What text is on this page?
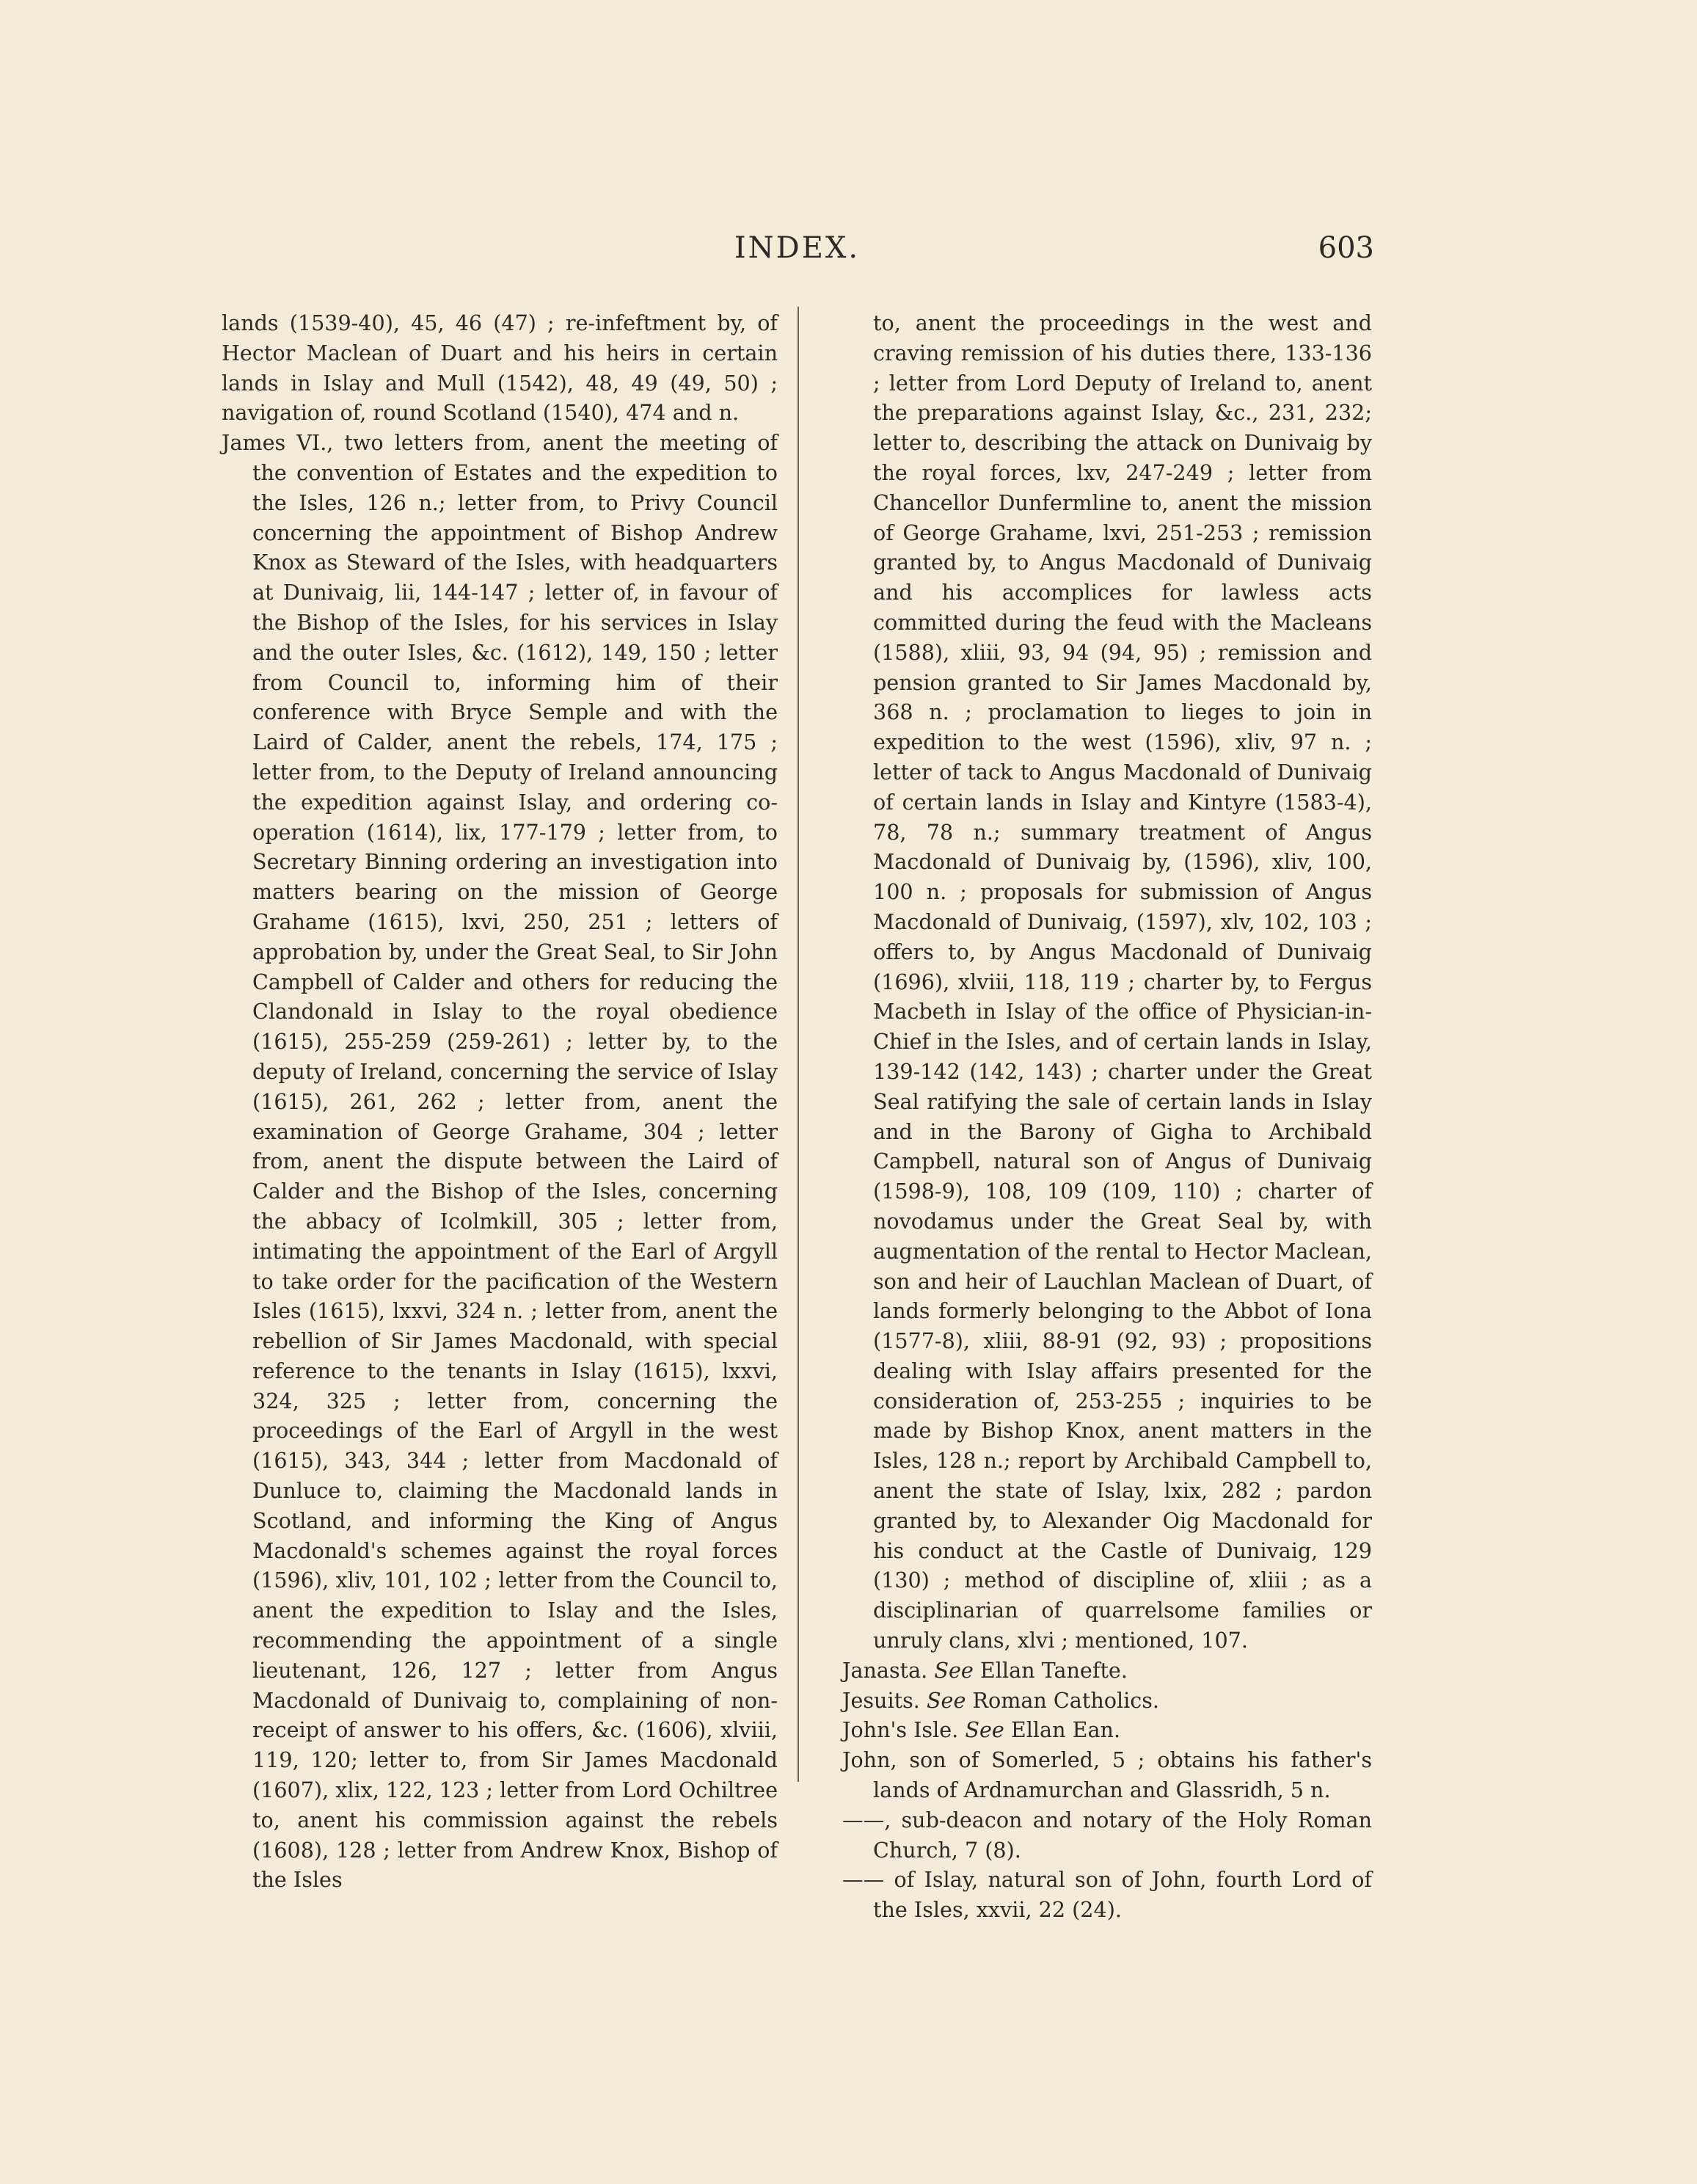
INDEX.	603

lands (1539-40), 45, 46 (47) ; re-infeftment by, of Hector Maclean of Duart and his heirs in certain lands in Islay and Mull (1542), 48, 49 (49, 50) ; navigation of, round Scotland (1540), 474 and n.

James VI., two letters from, anent the meeting of the convention of Estates and the expedition to the Isles, 126 n.; letter from, to Privy Council concerning the appointment of Bishop Andrew Knox as Steward of the Isles, with headquarters at Dunivaig, lii, 144-147 ; letter of, in favour of the Bishop of the Isles, for his services in Islay and the outer Isles, &c. (1612), 149, 150 ; letter from Council to, informing him of their conference with Bryce Semple and with the Laird of Calder, anent the rebels, 174, 175 ; letter from, to the Deputy of Ireland announcing the expedition against Islay, and ordering co-operation (1614), lix, 177-179 ; letter from, to Secretary Binning ordering an investigation into matters bearing on the mission of George Grahame (1615), lxvi, 250, 251 ; letters of approbation by, under the Great Seal, to Sir John Campbell of Calder and others for reducing the Clandonald in Islay to the royal obedience (1615), 255-259 (259-261) ; letter by, to the deputy of Ireland, concerning the service of Islay (1615), 261, 262 ; letter from, anent the examination of George Grahame, 304 ; letter from, anent the dispute between the Laird of Calder and the Bishop of the Isles, concerning the abbacy of Icolmkill, 305 ; letter from, intimating the appointment of the Earl of Argyll to take order for the pacification of the Western Isles (1615), lxxvi, 324 n. ; letter from, anent the rebellion of Sir James Macdonald, with special reference to the tenants in Islay (1615), lxxvi, 324, 325 ; letter from, concerning the proceedings of the Earl of Argyll in the west (1615), 343, 344 ; letter from Macdonald of Dunluce to, claiming the Macdonald lands in Scotland, and informing the King of Angus Macdonald's schemes against the royal forces (1596), xliv, 101, 102 ; letter from the Council to, anent the expedition to Islay and the Isles, recommending the appointment of a single lieutenant, 126, 127 ; letter from Angus Macdonald of Dunivaig to, complaining of non-receipt of answer to his offers, &c. (1606), xlviii, 119, 120; letter to, from Sir James Macdonald (1607), xlix, 122, 123 ; letter from Lord Ochiltree to, anent his commission against the rebels (1608), 128 ; letter from Andrew Knox, Bishop of the Isles

to, anent the proceedings in the west and craving remission of his duties there, 133-136 ; letter from Lord Deputy of Ireland to, anent the preparations against Islay, &c., 231, 232; letter to, describing the attack on Dunivaig by the royal forces, lxv, 247-249 ; letter from Chancellor Dunfermline to, anent the mission of George Grahame, lxvi, 251-253 ; remission granted by, to Angus Macdonald of Dunivaig and his accomplices for lawless acts committed during the feud with the Macleans (1588), xliii, 93, 94 (94, 95) ; remission and pension granted to Sir James Macdonald by, 368 n. ; proclamation to lieges to join in expedition to the west (1596), xliv, 97 n. ; letter of tack to Angus Macdonald of Dunivaig of certain lands in Islay and Kintyre (1583-4), 78, 78 n.; summary treatment of Angus Macdonald of Dunivaig by, (1596), xliv, 100, 100 n. ; proposals for submission of Angus Macdonald of Dunivaig, (1597), xlv, 102, 103 ; offers to, by Angus Macdonald of Dunivaig (1696), xlviii, 118, 119 ; charter by, to Fergus Macbeth in Islay of the office of Physician-in-Chief in the Isles, and of certain lands in Islay, 139-142 (142, 143) ; charter under the Great Seal ratifying the sale of certain lands in Islay and in the Barony of Gigha to Archibald Campbell, natural son of Angus of Dunivaig (1598-9), 108, 109 (109, 110) ; charter of novodamus under the Great Seal by, with augmentation of the rental to Hector Maclean, son and heir of Lauchlan Maclean of Duart, of lands formerly belonging to the Abbot of Iona (1577-8), xliii, 88-91 (92, 93) ; propositions dealing with Islay affairs presented for the consideration of, 253-255 ; inquiries to be made by Bishop Knox, anent matters in the Isles, 128 n.; report by Archibald Campbell to, anent the state of Islay, lxix, 282 ; pardon granted by, to Alexander Oig Macdonald for his conduct at the Castle of Dunivaig, 129 (130) ; method of discipline of, xliii ; as a disciplinarian of quarrelsome families or unruly clans, xlvi ; mentioned, 107.

Janasta. See Ellan Tanefte.

Jesuits. See Roman Catholics.

John's Isle. See Ellan Ean.

John, son of Somerled, 5 ; obtains his father's lands of Ardnamurchan and Glassridh, 5 n.

——, sub-deacon and notary of the Holy Roman Church, 7 (8).

—— of Islay, natural son of John, fourth Lord of the Isles, xxvii, 22 (24).
